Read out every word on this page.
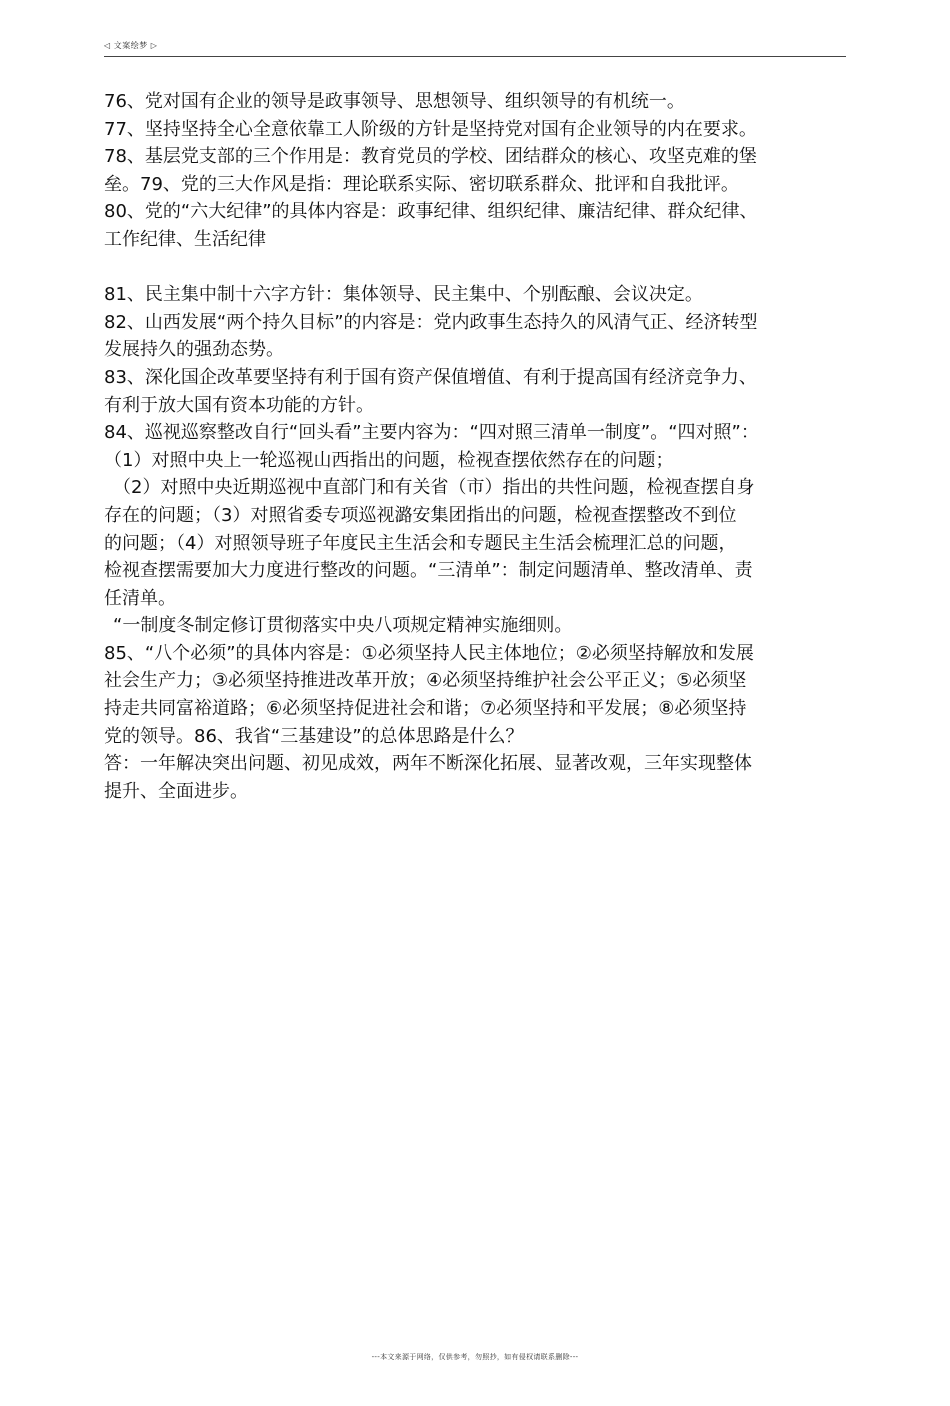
◁ 文案绘梦 ▷
76、党对国有企业的领导是政事领导、思想领导、组织领导的有机统一。
77、坚持坚持全心全意依靠工人阶级的方针是坚持党对国有企业领导的内在要求。
78、基层党支部的三个作用是：教育党员的学校、团结群众的核心、攻坚克难的堡
垒。79、党的三大作风是指：理论联系实际、密切联系群众、批评和自我批评。
80、党的“六大纪律”的具体内容是：政事纪律、组织纪律、廉洁纪律、群众纪律、
工作纪律、生活纪律
81、民主集中制十六字方针：集体领导、民主集中、个别酝酿、会议决定。
82、山西发展“两个持久目标”的内容是：党内政事生态持久的风清气正、经济转型
发展持久的强劲态势。
83、深化国企改革要坚持有利于国有资产保值增值、有利于提高国有经济竞争力、
有利于放大国有资本功能的方针。
84、巡视巡察整改自行“回头看”主要内容为：“四对照三清单一制度”。“四对照”：
（1）对照中央上一轮巡视山西指出的问题，检视查摆依然存在的问题；
（2）对照中央近期巡视中直部门和有关省（市）指出的共性问题，检视查摆自身
存在的问题；（3）对照省委专项巡视潞安集团指出的问题，检视查摆整改不到位
的问题；（4）对照领导班子年度民主生活会和专题民主生活会梳理汇总的问题，
检视查摆需要加大力度进行整改的问题。“三清单”：制定问题清单、整改清单、责
任清单。
“一制度冬制定修订贯彻落实中央八项规定精神实施细则。
85、“八个必须”的具体内容是：①必须坚持人民主体地位；②必须坚持解放和发展
社会生产力；③必须坚持推进改革开放；④必须坚持维护社会公平正义；⑤必须坚
持走共同富裕道路；⑥必须坚持促进社会和谐；⑦必须坚持和平发展；⑧必须坚持
党的领导。86、我省“三基建设”的总体思路是什么？
答：一年解决突出问题、初见成效，两年不断深化拓展、显著改观，三年实现整体
提升、全面进步。
---本文来源于网络，仅供参考，勿照抄，如有侵权请联系删除---
